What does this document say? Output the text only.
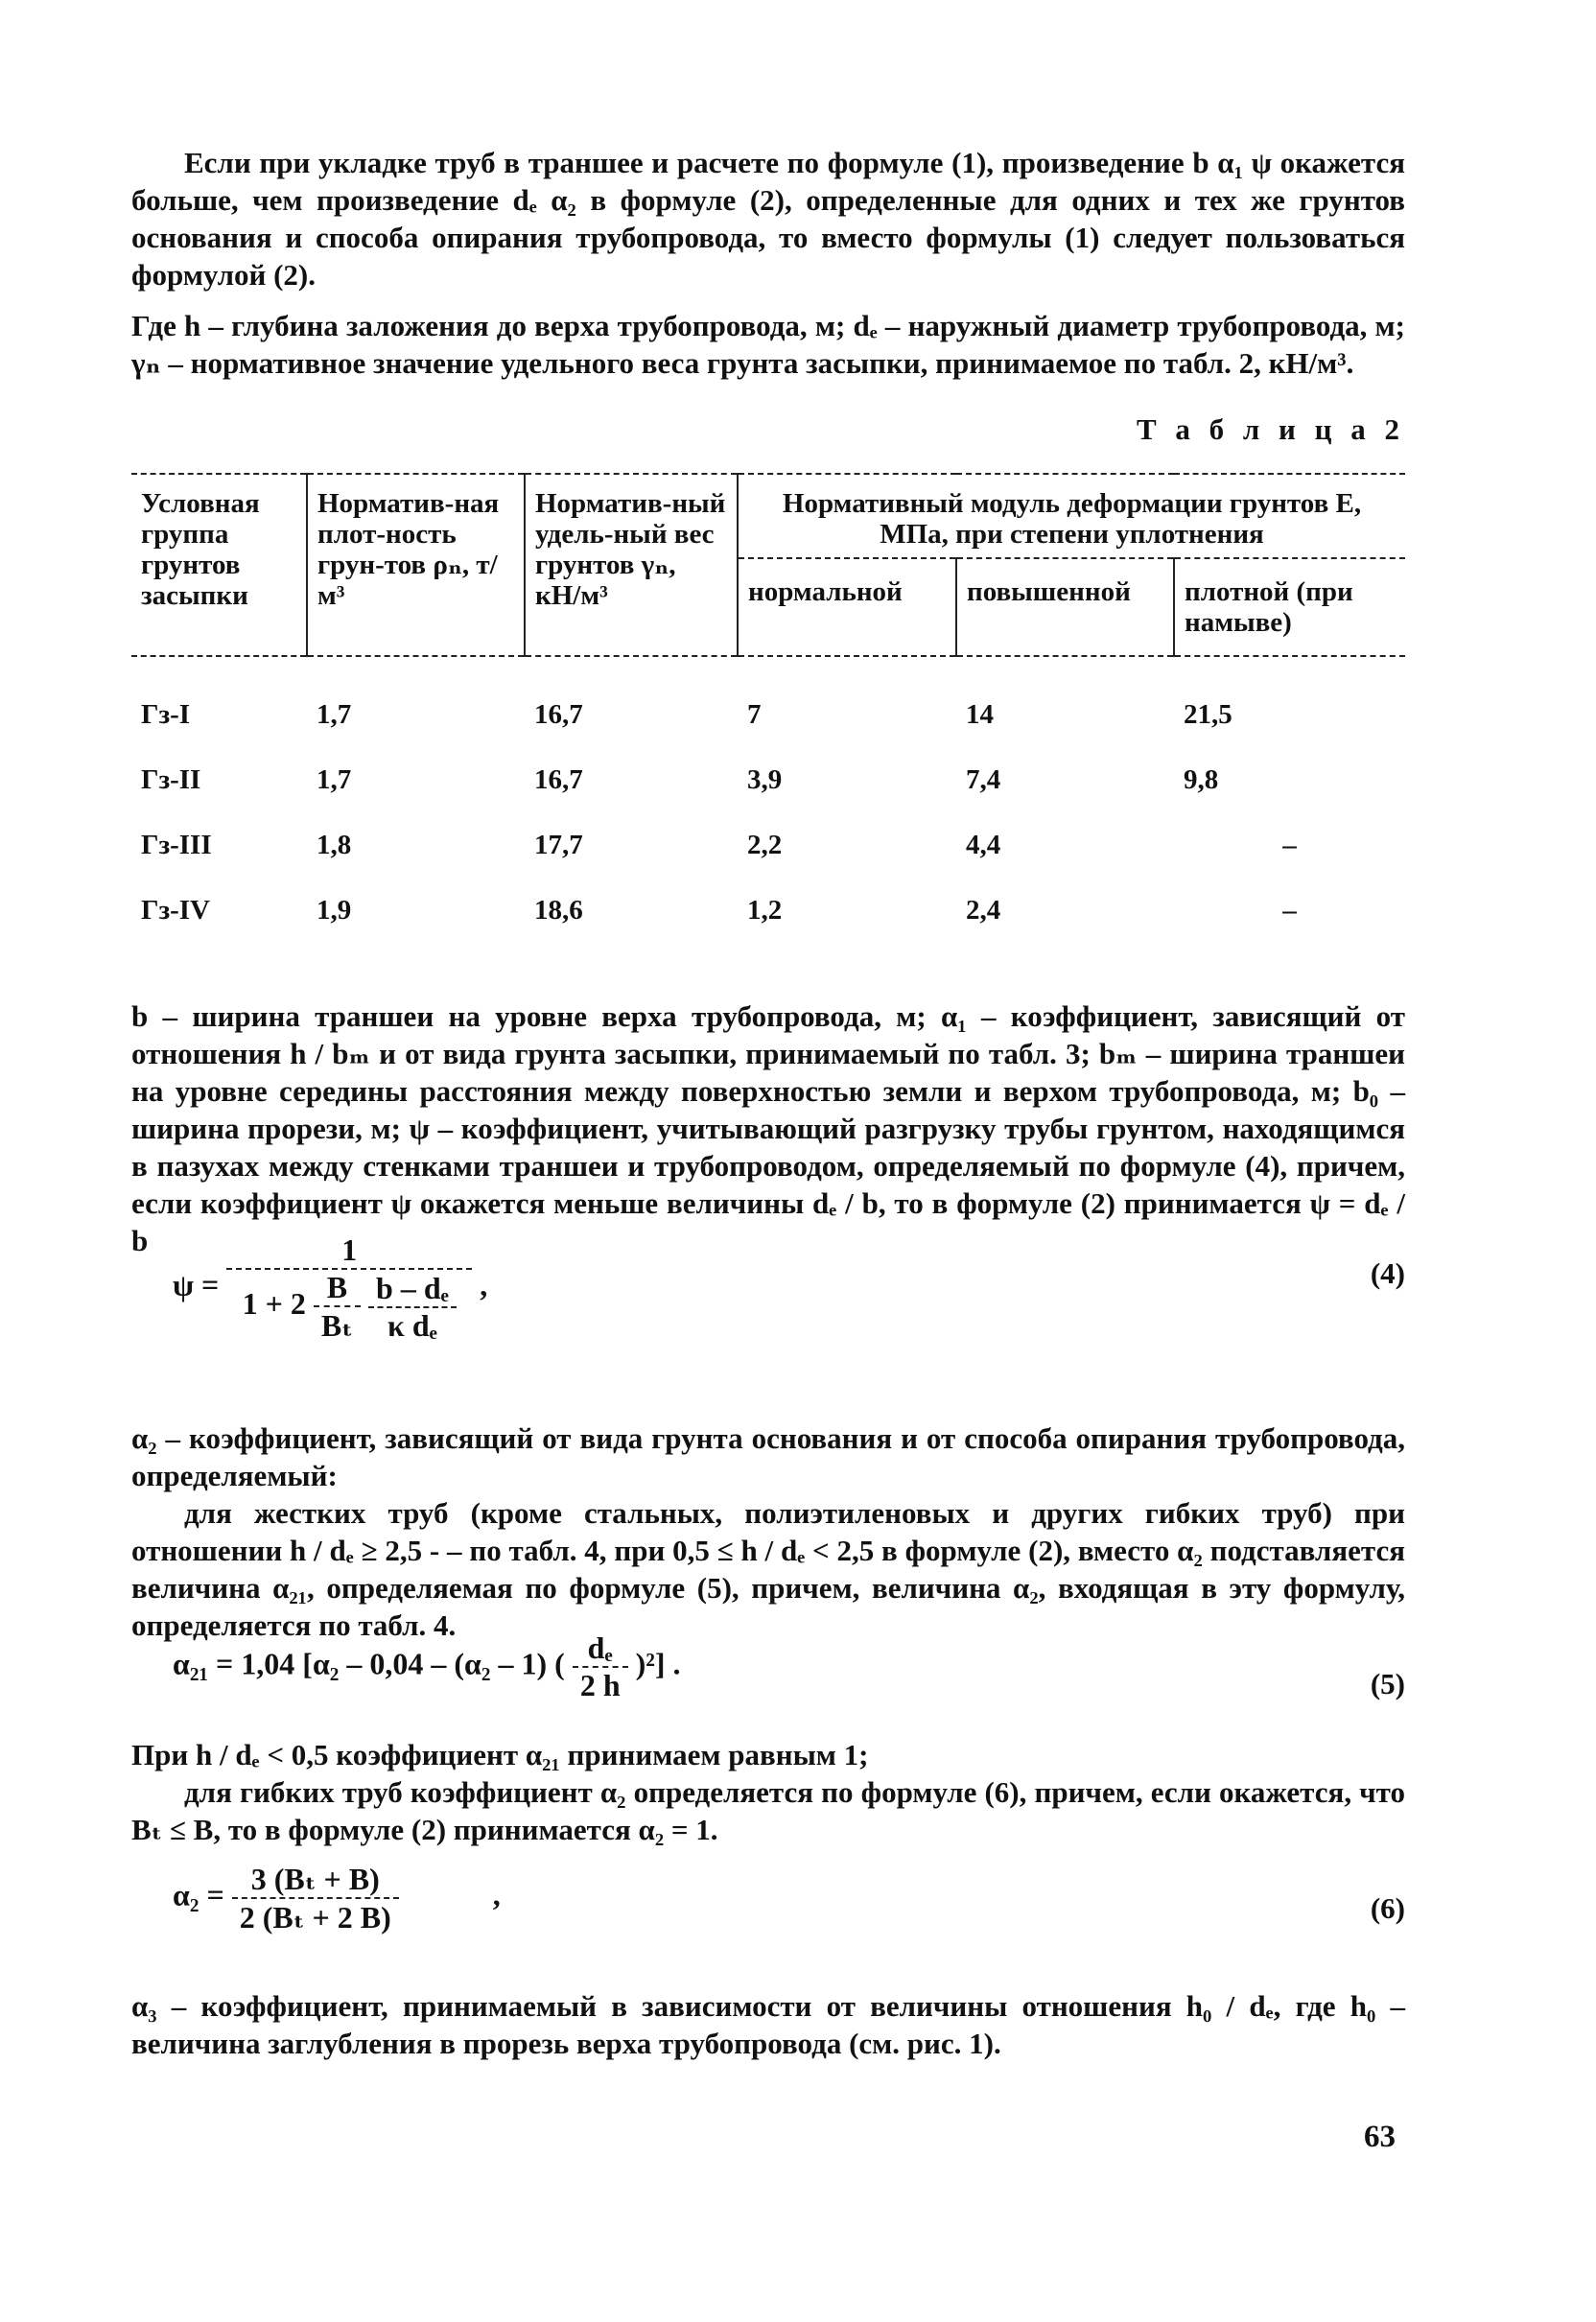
Если при укладке труб в траншее и расчете по формуле (1), произведение b α₁ ψ окажется больше, чем произведение dₑ α₂ в формуле (2), определенные для одних и тех же грунтов основания и способа опирания трубопровода, то вместо формулы (1) следует пользоваться формулой (2).

Где h – глубина заложения до верха трубопровода, м; dₑ – наружный диаметр трубопровода, м; γₙ – нормативное значение удельного веса грунта засыпки, принимаемое по табл. 2, кН/м³.

Т а б л и ц а 2
Условная группа грунтов засыпки	Норматив-ная плот-ность грун-тов ρₙ, т/м³	Норматив-ный удель-ный вес грунтов γₙ, кН/м³	Нормативный модуль деформации грунтов E, МПа, при степени уплотнения		
			нормальной	повышенной	плотной (при намыве)
Гз-I	1,7	16,7	7	14	21,5
Гз-II	1,7	16,7	3,9	7,4	9,8
Гз-III	1,8	17,7	2,2	4,4	–
Гз-IV	1,9	18,6	1,2	2,4	–

b – ширина траншеи на уровне верха трубопровода, м; α₁ – коэффициент, зависящий от отношения h / bₘ и от вида грунта засыпки, принимаемый по табл. 3; bₘ – ширина траншеи на уровне середины расстояния между поверхностью земли и верхом трубопровода, м; b₀ – ширина прорези, м; ψ – коэффициент, учитывающий разгрузку трубы грунтом, находящимся в пазухах между стенками траншеи и трубопроводом, определяемый по формуле (4), причем, если коэффициент ψ окажется меньше величины dₑ / b, то в формуле (2) принимается ψ = dₑ / b

ψ =
1
$1 + 2 \frac{B}{\text{Bₜ}}$
$\frac{\text{b – dₑ}}{\text{κ dₑ}}$ ,	(4)

α₂ – коэффициент, зависящий от вида грунта основания и от способа опирания трубопровода, определяемый:

для жестких труб (кроме стальных, полиэтиленовых и других гибких труб) при отношении h / dₑ ≥ 2,5 - – по табл. 4, при 0,5 ≤ h / dₑ < 2,5 в формуле (2), вместо α₂ подставляется величина α₂₁, определяемая по формуле (5), причем, величина α₂, входящая в эту формулу, определяется по табл. 4.

α₂₁ = 1,04 [α₂ – 0,04 – (α₂ – 1) ( $\frac{\text{dₑ}}{2 h} )^2$] .
(5)

При h / dₑ < 0,5 коэффициент α₂₁ принимаем равным 1;

для гибких труб коэффициент α₂ определяется по формуле (6), причем, если окажется, что Bₜ ≤ B, то в формуле (2) принимается α₂ = 1.

$\alpha_2 = \frac{\text{3 (Bₜ + B)}}{\text{2 (Bₜ + 2 B)}}$	,	(6)

α₃ – коэффициент, принимаемый в зависимости от величины отношения h₀ / dₑ, где h₀ – величина заглубления в прорезь верха трубопровода (см. рис. 1).

63
